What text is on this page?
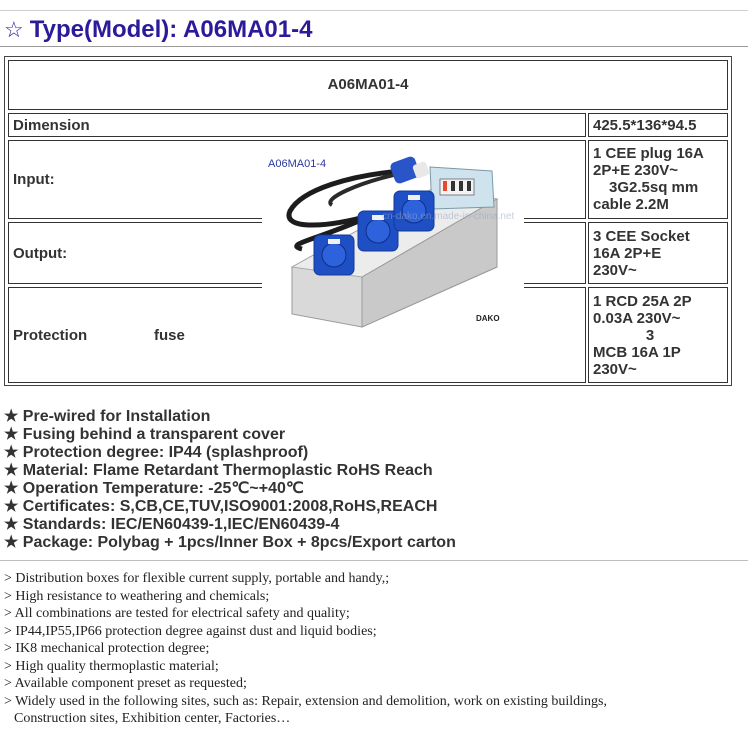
☆ Type(Model): A06MA01-4
A06MA01-4
Dimension	425.5*136*94.5
Input:
1 CEE plug 16A
2P+E 230V~
3G2.5sq mm
cable 2.2M
Output:
3 CEE Socket
16A 2P+E
230V~
Protection	fuse
1 RCD 25A 2P
0.03A 230V~
3
MCB 16A 1P
230V~
A06MA01-4
cn-dako.en.made-in-china.net
DAKO
★ Pre-wired for Installation
★ Fusing behind a transparent cover
★ Protection degree: IP44 (splashproof)
★ Material: Flame Retardant Thermoplastic RoHS Reach
★ Operation Temperature: -25℃~+40℃
★ Certificates: S,CB,CE,TUV,ISO9001:2008,RoHS,REACH
★ Standards: IEC/EN60439-1,IEC/EN60439-4
★ Package: Polybag + 1pcs/Inner Box + 8pcs/Export carton
> Distribution boxes for flexible current supply, portable and handy,;
> High resistance to weathering and chemicals;
> All combinations are tested for electrical safety and quality;
> IP44,IP55,IP66 protection degree against dust and liquid bodies;
> IK8 mechanical protection degree;
> High quality thermoplastic material;
> Available component preset as requested;
> Widely used in the following sites, such as: Repair, extension and demolition, work on existing buildings,
Construction sites, Exhibition center, Factories…
